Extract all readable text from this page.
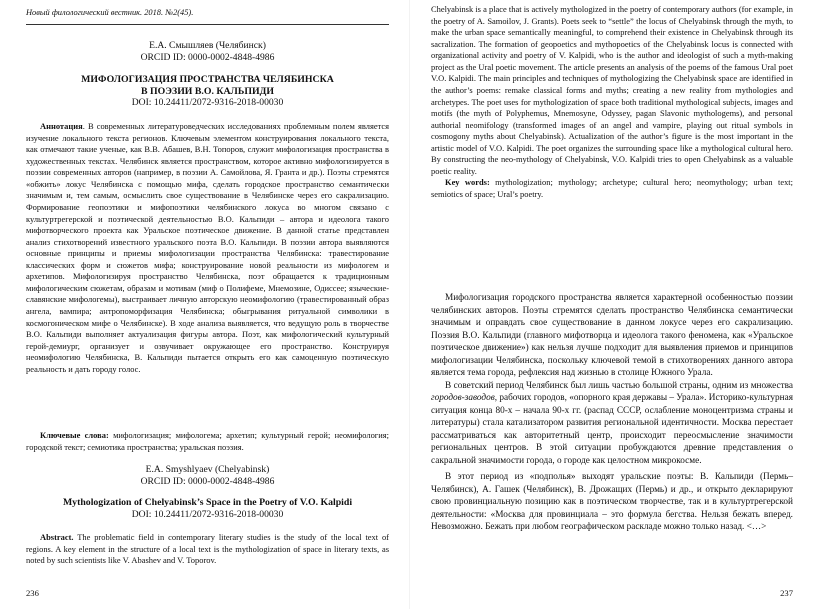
Новый филологический вестник. 2018. №2(45).
Е.А. Смышляев (Челябинск)
ORCID ID: 0000-0002-4848-4986
МИФОЛОГИЗАЦИЯ ПРОСТРАНСТВА ЧЕЛЯБИНСКА
В ПОЭЗИИ В.О. КАЛЬПИДИ
DOI: 10.24411/2072-9316-2018-00030

Аннотация. В современных литературоведческих исследованиях проблемным полем является изучение локального текста регионов. Ключевым элементом конструирования локального текста, как отмечают такие ученые, как В.В. Абашев, В.Н. Топоров, служит мифологизация пространства в художественных текстах. Челябинск является пространством, которое активно мифологизируется в поэзии современных авторов (например, в поэзии А. Самойлова, Я. Гранта и др.). Поэты стремятся «обжить» локус Челябинска с помощью мифа, сделать городское пространство семантически значимым и, тем самым, осмыслить свое существование в Челябинске через его сакрализацию. Формирование геопоэтики и мифопоэтики челябинского локуса во многом связано с культуртрегерской и поэтической деятельностью В.О. Кальпиди – автора и идеолога такого мифотворческого проекта как Уральское поэтическое движение. В данной статье представлен анализ стихотворений известного уральского поэта В.О. Кальпиди. В поэзии автора выявляются основные принципы и приемы мифологизации пространства Челябинска: травестирование классических форм и сюжетов мифа; конструирование новой реальности из мифологем и архетипов. Мифологизируя пространство Челябинска, поэт обращается к традиционным мифологическим сюжетам, образам и мотивам (миф о Полифеме, Мнемозине, Одиссее; языческие-славянские мифологемы), выстраивает личную авторскую неомифологию (травестированный образ ангела, вампира; антропоморфизация Челябинска; обыгрывания ритуальной символики в космогоническом мифе о Челябинске). В ходе анализа выявляется, что ведущую роль в творчестве В.О. Кальпиди выполняет актуализация фигуры автора. Поэт, как мифологический культурный герой-демиург, организует и озвучивает окружающее его пространство. Конструируя неомифологию Челябинска, В. Кальпиди пытается открыть его как самоценную поэтическую реальность и дать городу голос.

Ключевые слова: мифологизация; мифологема; архетип; культурный герой; неомифология; городской текст; семиотика пространства; уральская поэзия.

E.A. Smyshlyaev (Chelyabinsk)
ORCID ID: 0000-0002-4848-4986
Mythologization of Chelyabinsk’s Space in the Poetry of V.O. Kalpidi
DOI: 10.24411/2072-9316-2018-00030

Abstract. The problematic field in contemporary literary studies is the study of the local text of regions. A key element in the structure of a local text is the mythologization of space in literary texts, as noted by such scientists like V. Abashev and V. Toporov.

236

Chelyabinsk is a place that is actively mythologized in the poetry of contemporary authors (for example, in the poetry of A. Samoilov, J. Grants). Poets seek to “settle” the locus of Chelyabinsk through the myth, to make the urban space semantically meaningful, to comprehend their existence in Chelyabinsk through its sacralization. The formation of geopoetics and mythopoetics of the Chelyabinsk locus is connected with organizational activity and poetry of V. Kalpidi, who is the author and ideologist of such a myth-making project as the Ural poetic movement. The article presents an analysis of the poems of the famous Ural poet V.O. Kalpidi. The main principles and techniques of mythologizing the Chelyabinsk space are identified in the author’s poems: remake classical forms and myths; creating a new reality from mythologies and archetypes. The poet uses for mythologization of space both traditional mythological subjects, images and motifs (the myth of Polyphemus, Mnemosyne, Odyssey, pagan Slavonic mythologems), and personal authorial neomifology (transformed images of an angel and vampire, playing out ritual symbols in cosmogony myths about Chelyabinsk). Actualization of the author’s figure is the most important in the artistic model of V.O. Kalpidi. The poet organizes the surrounding space like a mythological cultural hero. By constructing the neo-mythology of Chelyabinsk, V.O. Kalpidi tries to open Chelyabinsk as a valuable poetic reality.

Key words: mythologization; mythology; archetype; cultural hero; neomythology; urban text; semiotics of space; Ural’s poetry.

Мифологизация городского пространства является характерной особенностью поэзии челябинских авторов. Поэты стремятся сделать пространство Челябинска семантически значимым и оправдать свое существование в данном локусе через его сакрализацию. Поэзия В.О. Кальпиди (главного мифотворца и идеолога такого феномена, как «Уральское поэтическое движение») как нельзя лучше подходит для выявления приемов и принципов мифологизации Челябинска, поскольку ключевой темой в стихотворениях данного автора является тема города, рефлексия над жизнью в столице Южного Урала.

В советский период Челябинск был лишь частью большой страны, одним из множества городов-заводов, рабочих городов, «опорного края державы – Урала». Историко-культурная ситуация конца 80-х – начала 90-х гг. (распад СССР, ослабление моноцентризма страны и литературы) стала катализатором развития региональной идентичности. Москва перестает рассматриваться как авторитетный центр, происходит переосмысление значимости региональных центров. В этой ситуации пробуждаются древние представления о сакральной значимости города, о городе как целостном микрокосме.

В этот период из «подполья» выходят уральские поэты: В. Кальпиди (Пермь–Челябинск), А. Гашек (Челябинск), В. Дрожащих (Пермь) и др., и открыто декларируют свою провинциальную позицию как в поэтическом творчестве, так и в культуртрегерской деятельности: «Москва для провинциала – это формула бегства. Нельзя бежать вперед. Невозможно. Бежать при любом географическом раскладе можно только назад. <…>

237
